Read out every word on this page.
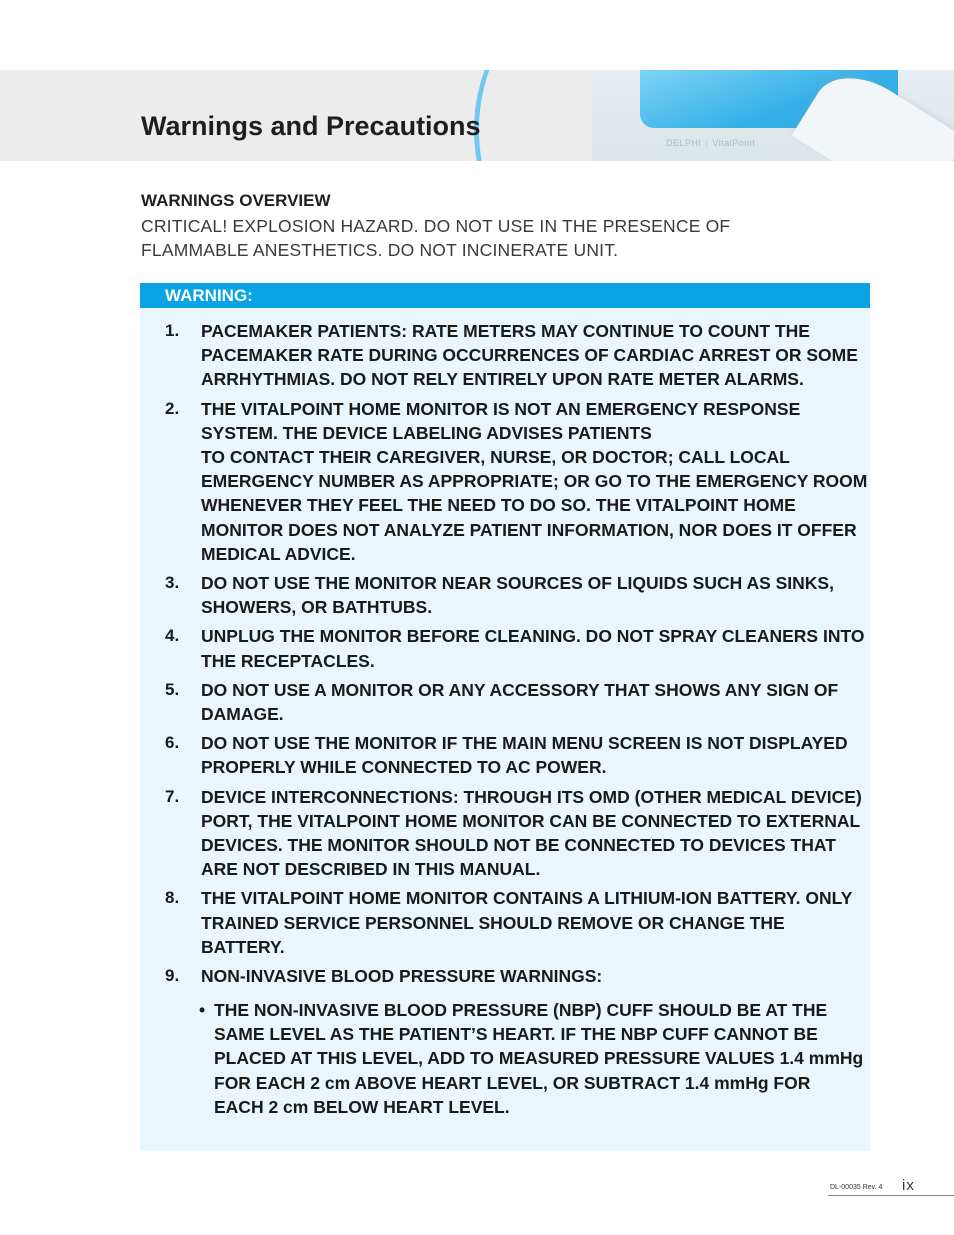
DELPHI | VitalPoint
Warnings and Precautions
WARNINGS OVERVIEW
CRITICAL! EXPLOSION HAZARD. DO NOT USE IN THE PRESENCE OF FLAMMABLE ANESTHETICS. DO NOT INCINERATE UNIT.
WARNING:
1. PACEMAKER PATIENTS: RATE METERS MAY CONTINUE TO COUNT THE PACEMAKER RATE DURING OCCURRENCES OF CARDIAC ARREST OR SOME ARRHYTHMIAS. DO NOT RELY ENTIRELY UPON RATE METER ALARMS.
2. THE VITALPOINT HOME MONITOR IS NOT AN EMERGENCY RESPONSE SYSTEM. THE DEVICE LABELING ADVISES PATIENTS
TO CONTACT THEIR CAREGIVER, NURSE, OR DOCTOR; CALL LOCAL EMERGENCY NUMBER AS APPROPRIATE; OR GO TO THE EMERGENCY ROOM WHENEVER THEY FEEL THE NEED TO DO SO. THE VITALPOINT HOME MONITOR DOES NOT ANALYZE PATIENT INFORMATION, NOR DOES IT OFFER MEDICAL ADVICE.
3. DO NOT USE THE MONITOR NEAR SOURCES OF LIQUIDS SUCH AS SINKS, SHOWERS, OR BATHTUBS.
4. UNPLUG THE MONITOR BEFORE CLEANING. DO NOT SPRAY CLEANERS INTO THE RECEPTACLES.
5. DO NOT USE A MONITOR OR ANY ACCESSORY THAT SHOWS ANY SIGN OF DAMAGE.
6. DO NOT USE THE MONITOR IF THE MAIN MENU SCREEN IS NOT DISPLAYED PROPERLY WHILE CONNECTED TO AC POWER.
7. DEVICE INTERCONNECTIONS: THROUGH ITS OMD (OTHER MEDICAL DEVICE) PORT, THE VITALPOINT HOME MONITOR CAN BE CONNECTED TO EXTERNAL DEVICES. THE MONITOR SHOULD NOT BE CONNECTED TO DEVICES THAT ARE NOT DESCRIBED IN THIS MANUAL.
8. THE VITALPOINT HOME MONITOR CONTAINS A LITHIUM-ION BATTERY. ONLY TRAINED SERVICE PERSONNEL SHOULD REMOVE OR CHANGE THE BATTERY.
9. NON-INVASIVE BLOOD PRESSURE WARNINGS:
• THE NON-INVASIVE BLOOD PRESSURE (NBP) CUFF SHOULD BE AT THE SAME LEVEL AS THE PATIENT’S HEART. IF THE NBP CUFF CANNOT BE PLACED AT THIS LEVEL, ADD TO MEASURED PRESSURE VALUES 1.4 mmHg FOR EACH 2 cm ABOVE HEART LEVEL, OR SUBTRACT 1.4 mmHg FOR EACH 2 cm BELOW HEART LEVEL.
DL-00035 Rev. 4 ix
